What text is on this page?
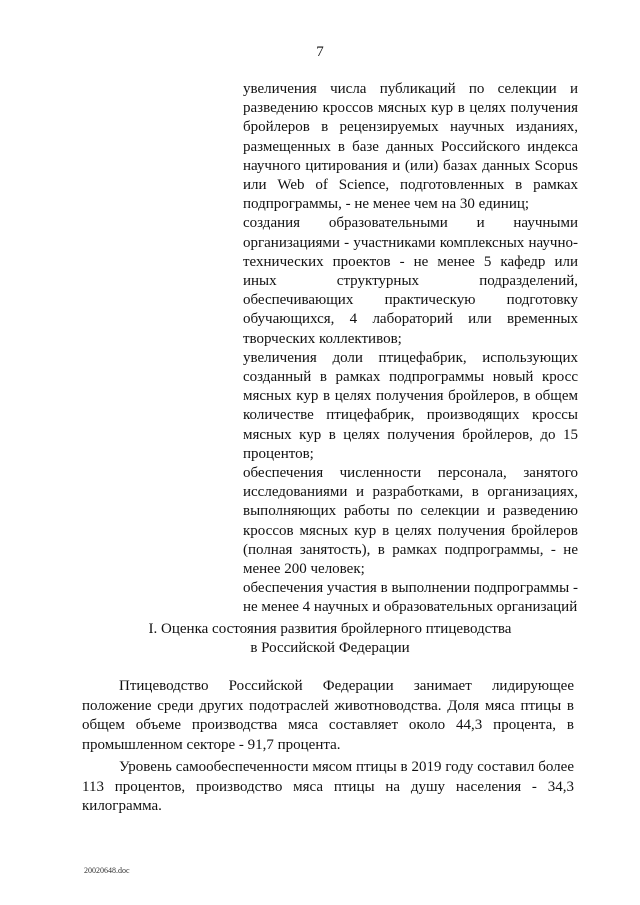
7

увеличения числа публикаций по селекции и разведению кроссов мясных кур в целях получения бройлеров в рецензируемых научных изданиях, размещенных в базе данных Российского индекса научного цитирования и (или) базах данных Scopus или Web of Science, подготовленных в рамках подпрограммы, - не менее чем на 30 единиц;

создания образовательными и научными организациями - участниками комплексных научно-технических проектов - не менее 5 кафедр или иных структурных подразделений, обеспечивающих практическую подготовку обучающихся, 4 лабораторий или временных творческих коллективов;

увеличения доли птицефабрик, использующих созданный в рамках подпрограммы новый кросс мясных кур в целях получения бройлеров, в общем количестве птицефабрик, производящих кроссы мясных кур в целях получения бройлеров, до 15 процентов;

обеспечения численности персонала, занятого исследованиями и разработками, в организациях, выполняющих работы по селекции и разведению кроссов мясных кур в целях получения бройлеров (полная занятость), в рамках подпрограммы, - не менее 200 человек;

обеспечения участия в выполнении подпрограммы - не менее 4 научных и образовательных организаций

I. Оценка состояния развития бройлерного птицеводства
в Российской Федерации

Птицеводство Российской Федерации занимает лидирующее положение среди других подотраслей животноводства. Доля мяса птицы в общем объеме производства мяса составляет около 44,3 процента, в промышленном секторе - 91,7 процента.

Уровень самообеспеченности мясом птицы в 2019 году составил более 113 процентов, производство мяса птицы на душу населения - 34,3 килограмма.

20020648.doc
